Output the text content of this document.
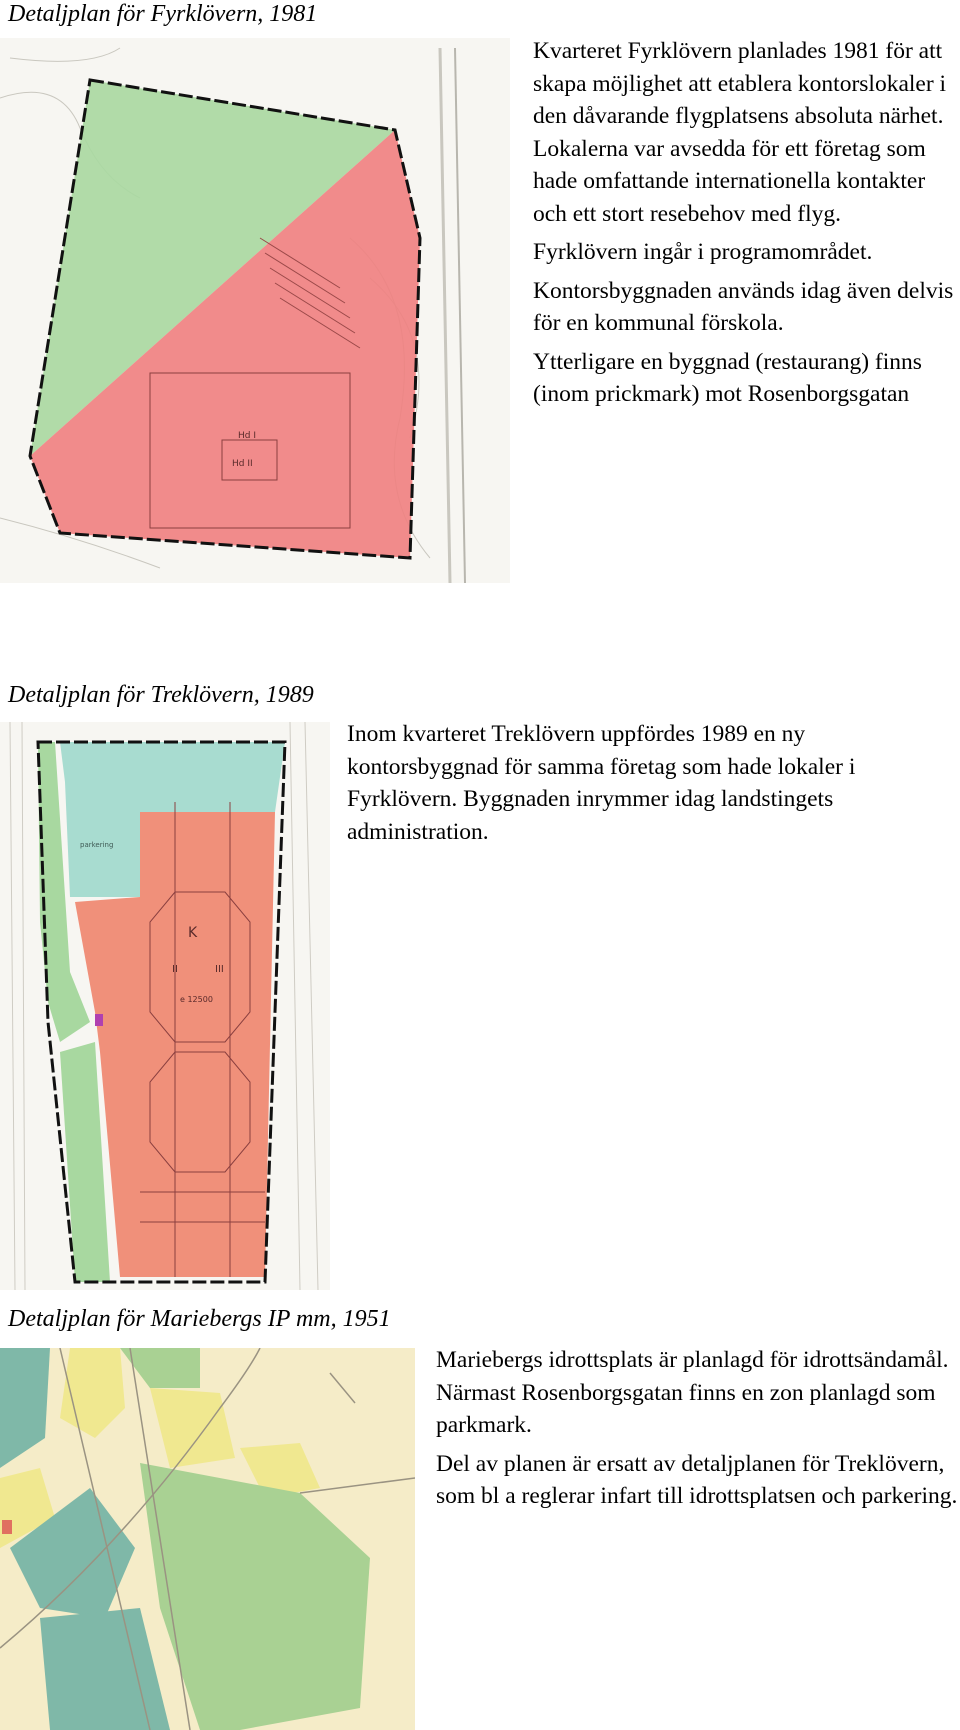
Detaljplan för Fyrklövern, 1981
Hd I
Hd II

Kvarteret Fyrklövern planlades 1981 för att skapa möjlighet att etablera kontorslokaler i den dåvarande flygplatsens absoluta närhet. Lokalerna var avsedda för ett företag som hade omfattande internationella kontakter och ett stort resebehov med flyg.

Fyrklövern ingår i programområdet.

Kontorsbyggnaden används idag även delvis för en kommunal förskola.

Ytterligare en byggnad (restaurang) finns (inom prickmark) mot Rosenborgsgatan

Detaljplan för Treklövern, 1989
K
II	III
e 12500
parkering

Inom kvarteret Treklövern uppfördes 1989 en ny kontorsbyggnad för samma företag som hade lokaler i Fyrklövern. Byggnaden inrymmer idag landstingets administration.

Detaljplan för Mariebergs IP mm, 1951

Mariebergs idrottsplats är planlagd för idrottsändamål. Närmast Rosenborgsgatan finns en zon planlagd som parkmark.

Del av planen är ersatt av detaljplanen för Treklövern, som bl a reglerar infart till idrottsplatsen och parkering.
